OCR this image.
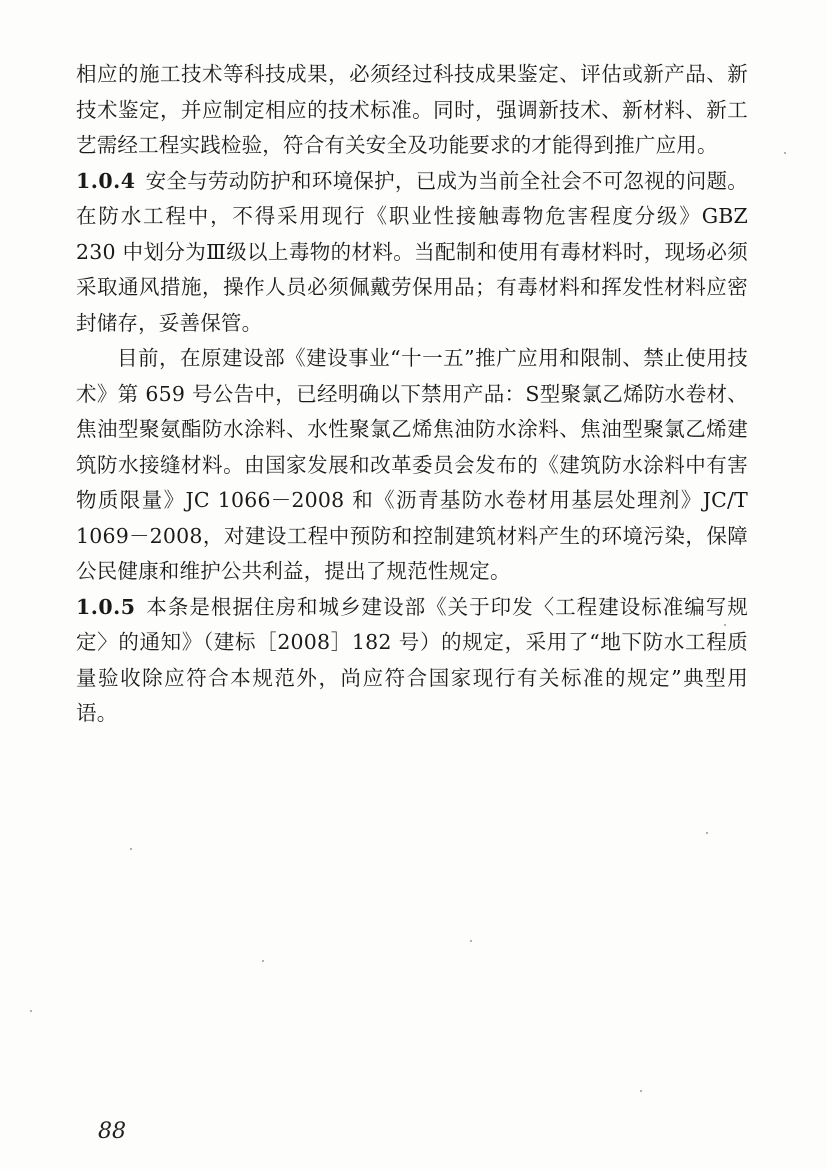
相应的施工技术等科技成果，必须经过科技成果鉴定、评估或新产品、新技术鉴定，并应制定相应的技术标准。同时，强调新技术、新材料、新工艺需经工程实践检验，符合有关安全及功能要求的才能得到推广应用。

1.0.4 安全与劳动防护和环境保护，已成为当前全社会不可忽视的问题。在防水工程中，不得采用现行《职业性接触毒物危害程度分级》GBZ 230 中划分为Ⅲ级以上毒物的材料。当配制和使用有毒材料时，现场必须采取通风措施，操作人员必须佩戴劳保用品；有毒材料和挥发性材料应密封储存，妥善保管。

目前，在原建设部《建设事业“十一五”推广应用和限制、禁止使用技术》第 659 号公告中，已经明确以下禁用产品：S型聚氯乙烯防水卷材、焦油型聚氨酯防水涂料、水性聚氯乙烯焦油防水涂料、焦油型聚氯乙烯建筑防水接缝材料。由国家发展和改革委员会发布的《建筑防水涂料中有害物质限量》JC 1066－2008 和《沥青基防水卷材用基层处理剂》JC/T 1069－2008，对建设工程中预防和控制建筑材料产生的环境污染，保障公民健康和维护公共利益，提出了规范性规定。

1.0.5 本条是根据住房和城乡建设部《关于印发〈工程建设标准编写规定〉的通知》（建标［2008］182 号）的规定，采用了“地下防水工程质量验收除应符合本规范外，尚应符合国家现行有关标准的规定”典型用语。

88
